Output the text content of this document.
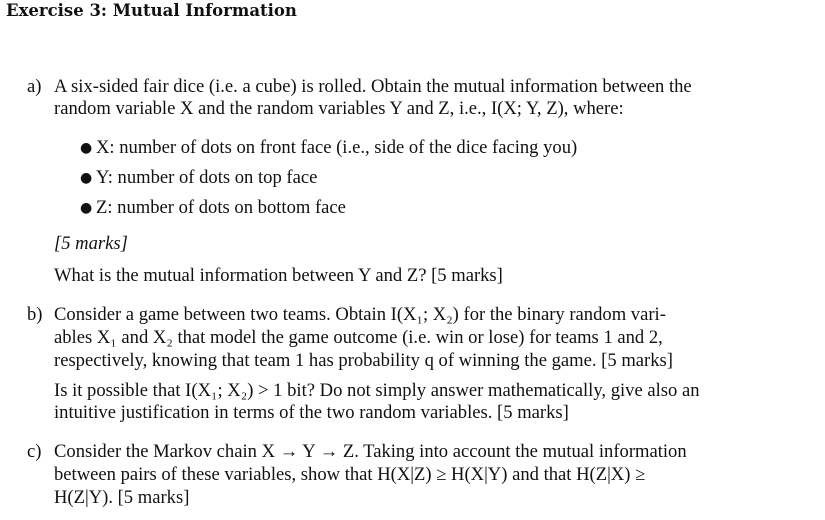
Exercise 3: Mutual Information
a) A six-sided fair dice (i.e. a cube) is rolled. Obtain the mutual information between the
random variable X and the random variables Y and Z, i.e., I(X; Y, Z), where:
● X: number of dots on front face (i.e., side of the dice facing you)
● Y: number of dots on top face
● Z: number of dots on bottom face
[5 marks]
What is the mutual information between Y and Z? [5 marks]
b) Consider a game between two teams. Obtain I(X₁; X₂) for the binary random vari-
ables X₁ and X₂ that model the game outcome (i.e. win or lose) for teams 1 and 2,
respectively, knowing that team 1 has probability q of winning the game. [5 marks]
Is it possible that I(X₁; X₂) > 1 bit? Do not simply answer mathematically, give also an
intuitive justification in terms of the two random variables. [5 marks]
c) Consider the Markov chain X → Y → Z. Taking into account the mutual information
between pairs of these variables, show that H(X|Z) ≥ H(X|Y) and that H(Z|X) ≥
H(Z|Y). [5 marks]
